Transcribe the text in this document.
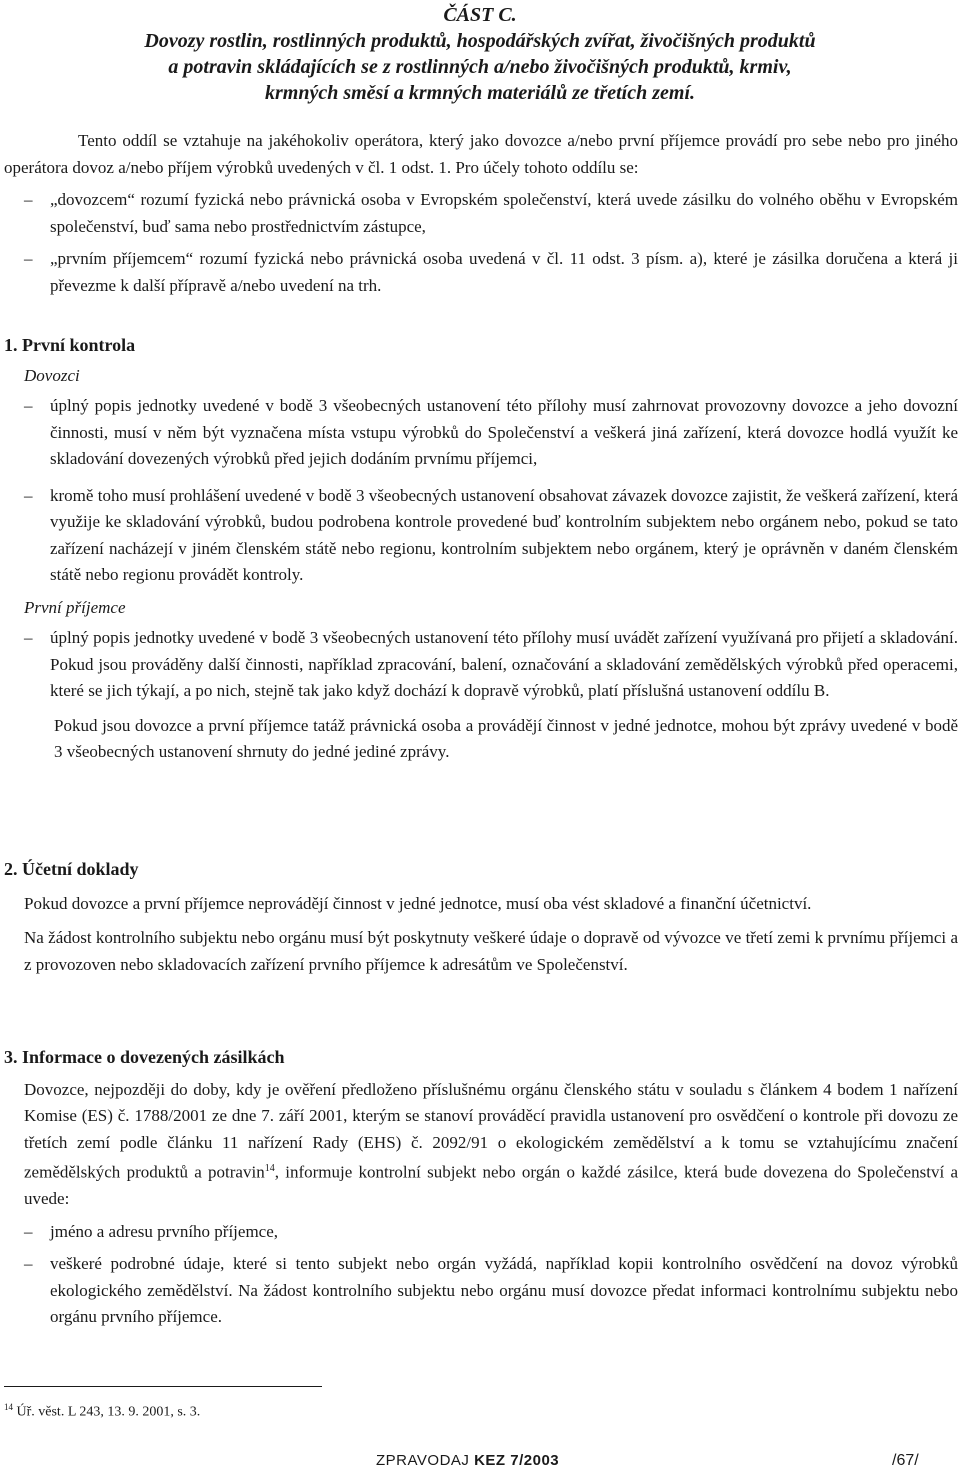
ČÁST C.
Dovozy rostlin, rostlinných produktů, hospodářských zvířat, živočišných produktů
a potravin skládajících se z rostlinných a/nebo živočišných produktů, krmiv,
krmných směsí a krmných materiálů ze třetích zemí.

Tento oddíl se vztahuje na jakéhokoliv operátora, který jako dovozce a/nebo první příjemce provádí pro sebe nebo pro jiného operátora dovoz a/nebo příjem výrobků uvedených v čl. 1 odst. 1. Pro účely tohoto oddílu se:

– „dovozcem“ rozumí fyzická nebo právnická osoba v Evropském společenství, která uvede zásilku do volného oběhu v Evropském společenství, buď sama nebo prostřednictvím zástupce,
– „prvním příjemcem“ rozumí fyzická nebo právnická osoba uvedená v čl. 11 odst. 3 písm. a), které je zásilka doručena a která ji převezme k další přípravě a/nebo uvedení na trh.

1. První kontrola

Dovozci

– úplný popis jednotky uvedené v bodě 3 všeobecných ustanovení této přílohy musí zahrnovat provozovny dovozce a jeho dovozní činnosti, musí v něm být vyznačena místa vstupu výrobků do Společenství a veškerá jiná zařízení, která dovozce hodlá využít ke skladování dovezených výrobků před jejich dodáním prvnímu příjemci,
– kromě toho musí prohlášení uvedené v bodě 3 všeobecných ustanovení obsahovat závazek dovozce zajistit, že veškerá zařízení, která využije ke skladování výrobků, budou podrobena kontrole provedené buď kontrolním subjektem nebo orgánem nebo, pokud se tato zařízení nacházejí v jiném členském státě nebo regionu, kontrolním subjektem nebo orgánem, který je oprávněn v daném členském státě nebo regionu provádět kontroly.

První příjemce

– úplný popis jednotky uvedené v bodě 3 všeobecných ustanovení této přílohy musí uvádět zařízení využívaná pro přijetí a skladování. Pokud jsou prováděny další činnosti, například zpracování, balení, označování a skladování zemědělských výrobků před operacemi, které se jich týkají, a po nich, stejně tak jako když dochází k dopravě výrobků, platí příslušná ustanovení oddílu B.

Pokud jsou dovozce a první příjemce tatáž právnická osoba a provádějí činnost v jedné jednotce, mohou být zprávy uvedené v bodě 3 všeobecných ustanovení shrnuty do jedné jediné zprávy.

2. Účetní doklady

Pokud dovozce a první příjemce neprovádějí činnost v jedné jednotce, musí oba vést skladové a finanční účetnictví.

Na žádost kontrolního subjektu nebo orgánu musí být poskytnuty veškeré údaje o dopravě od vývozce ve třetí zemi k prvnímu příjemci a z provozoven nebo skladovacích zařízení prvního příjemce k adresátům ve Společenství.

3. Informace o dovezených zásilkách

Dovozce, nejpozději do doby, kdy je ověření předloženo příslušnému orgánu členského státu v souladu s článkem 4 bodem 1 nařízení Komise (ES) č. 1788/2001 ze dne 7. září 2001, kterým se stanoví prováděcí pravidla ustanovení pro osvědčení o kontrole při dovozu ze třetích zemí podle článku 11 nařízení Rady (EHS) č. 2092/91 o ekologickém zemědělství a k tomu se vztahujícímu značení zemědělských produktů a potravin$^{14}$, informuje kontrolní subjekt nebo orgán o každé zásilce, která bude dovezena do Společenství a uvede:

– jméno a adresu prvního příjemce,
– veškeré podrobné údaje, které si tento subjekt nebo orgán vyžádá, například kopii kontrolního osvědčení na dovoz výrobků ekologického zemědělství. Na žádost kontrolního subjektu nebo orgánu musí dovozce předat informaci kontrolnímu subjektu nebo orgánu prvního příjemce.
$^{14}$ Úř. věst. L 243, 13. 9. 2001, s. 3.
ZPRAVODAJ KEZ 7/2003	/67/
